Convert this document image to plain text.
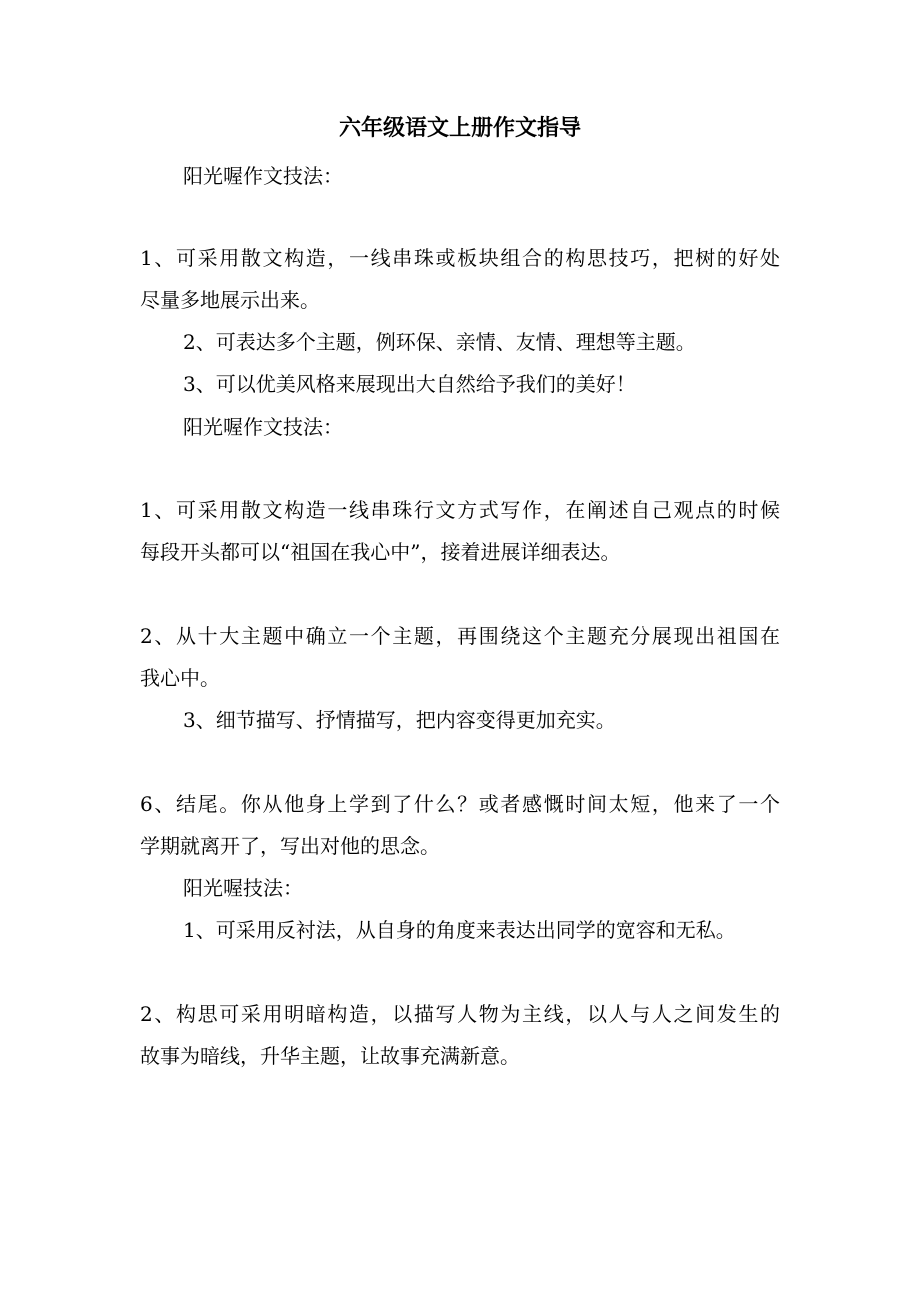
六年级语文上册作文指导
阳光喔作文技法：
1、可采用散文构造，一线串珠或板块组合的构思技巧，把树的好处
尽量多地展示出来。
2、可表达多个主题，例环保、亲情、友情、理想等主题。
3、可以优美风格来展现出大自然给予我们的美好！
阳光喔作文技法：
1、可采用散文构造一线串珠行文方式写作，在阐述自己观点的时候
每段开头都可以“祖国在我心中”，接着进展详细表达。
2、从十大主题中确立一个主题，再围绕这个主题充分展现出祖国在
我心中。
3、细节描写、抒情描写，把内容变得更加充实。
6、结尾。你从他身上学到了什么？或者感慨时间太短，他来了一个
学期就离开了，写出对他的思念。
阳光喔技法：
1、可采用反衬法，从自身的角度来表达出同学的宽容和无私。
2、构思可采用明暗构造，以描写人物为主线，以人与人之间发生的
故事为暗线，升华主题，让故事充满新意。
